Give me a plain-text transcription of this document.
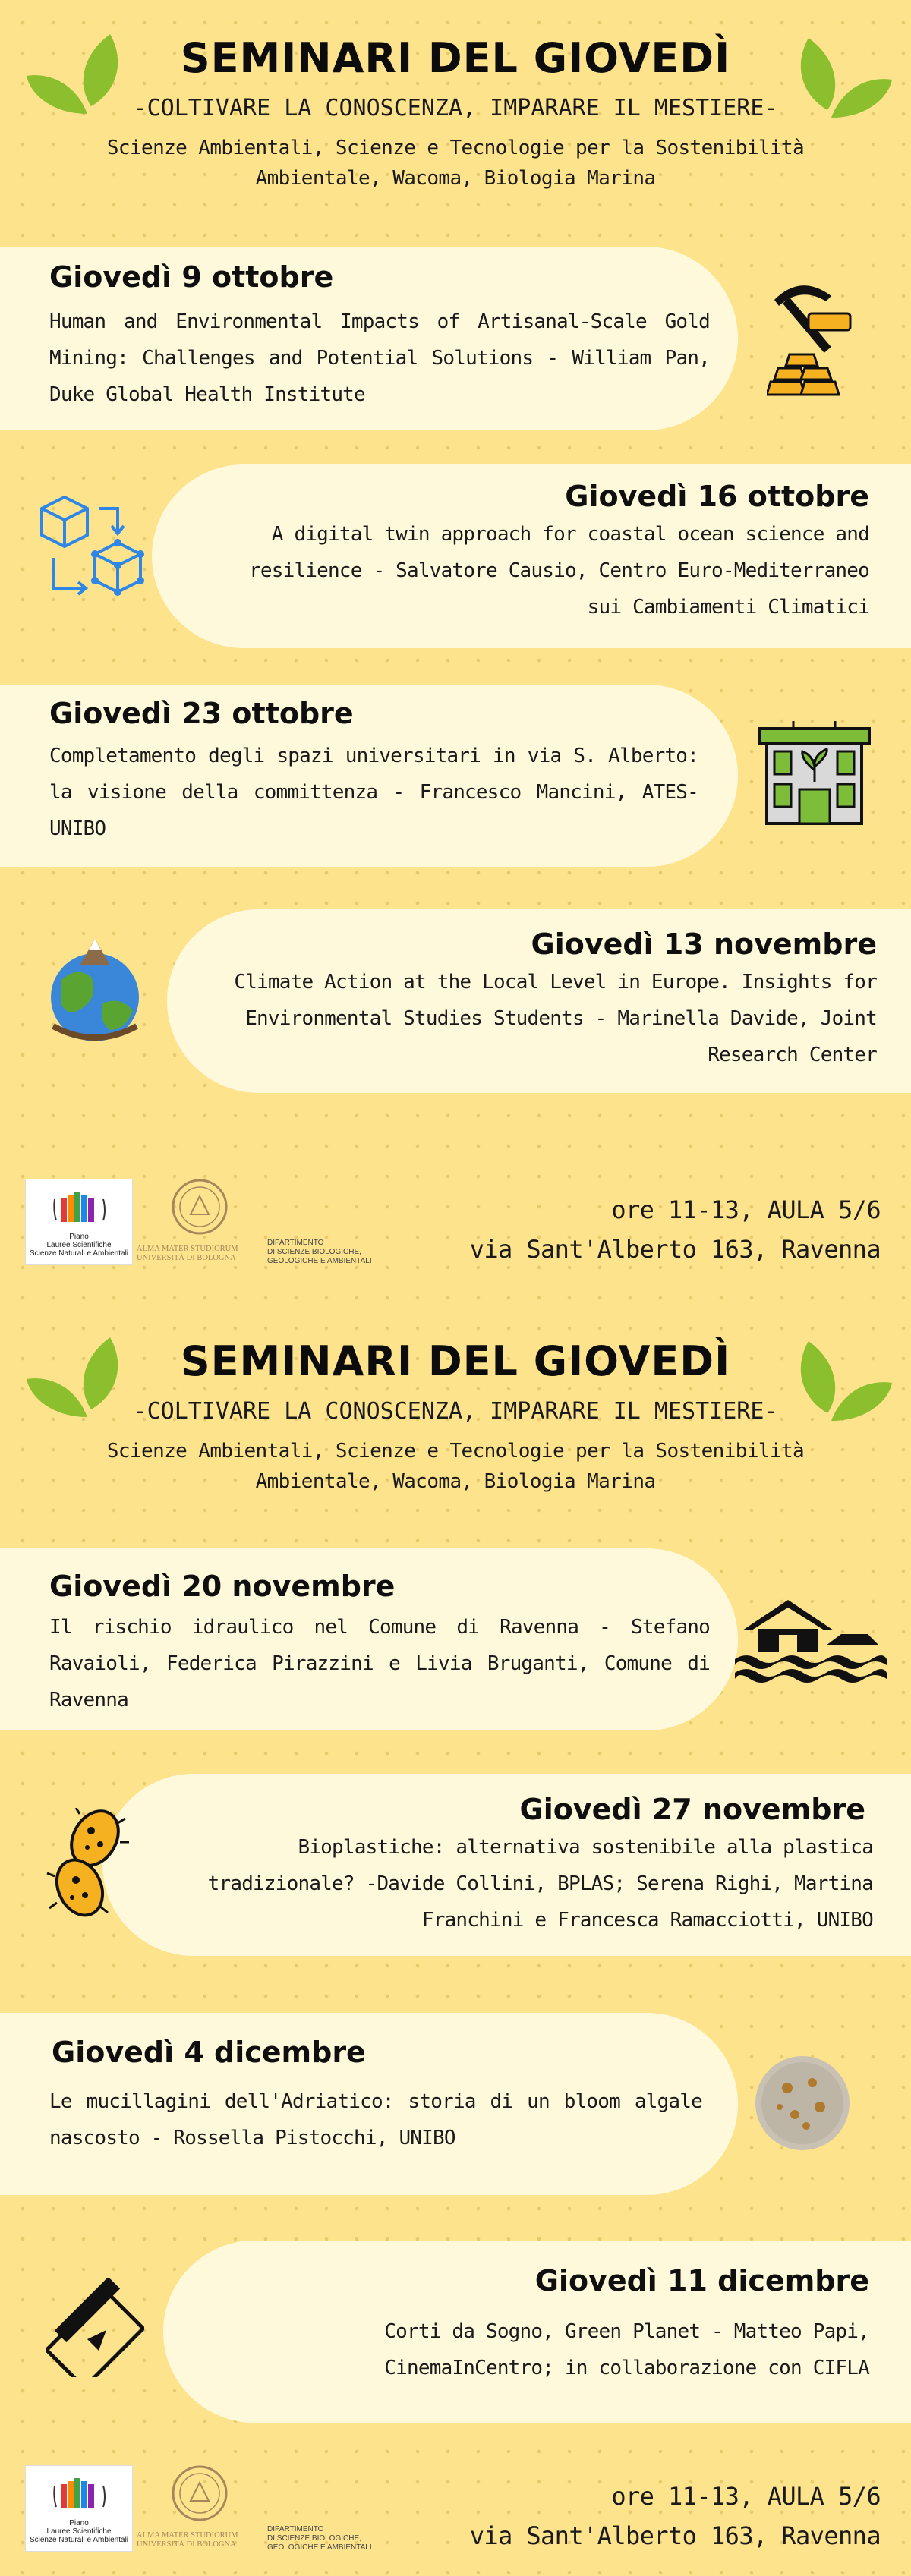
SEMINARI DEL GIOVEDÌ
-COLTIVARE LA CONOSCENZA, IMPARARE IL MESTIERE-
Scienze Ambientali, Scienze e Tecnologie per la Sostenibilità
Ambientale, Wacoma, Biologia Marina
Giovedì 9 ottobre
Human and Environmental Impacts of Artisanal-Scale Gold Mining: Challenges and Potential Solutions - William Pan, Duke Global Health Institute
Giovedì 16 ottobre
A digital twin approach for coastal ocean science and resilience - Salvatore Causio, Centro Euro-Mediterraneo sui Cambiamenti Climatici
Giovedì 23 ottobre
Completamento degli spazi universitari in via S. Alberto: la visione della committenza - Francesco Mancini, ATES-UNIBO
Giovedì 13 novembre
Climate Action at the Local Level in Europe. Insights for Environmental Studies Students - Marinella Davide, Joint Research Center
Piano
Lauree Scientifiche
Scienze Naturali e Ambientali
ALMA MATER STUDIORUM
UNIVERSITÀ DI BOLOGNA
DIPARTIMENTO
DI SCIENZE BIOLOGICHE,
GEOLOGICHE E AMBIENTALI
ore 11-13, AULA 5/6
via Sant'Alberto 163, Ravenna
SEMINARI DEL GIOVEDÌ
-COLTIVARE LA CONOSCENZA, IMPARARE IL MESTIERE-
Scienze Ambientali, Scienze e Tecnologie per la Sostenibilità
Ambientale, Wacoma, Biologia Marina
Giovedì 20 novembre
Il rischio idraulico nel Comune di Ravenna - Stefano Ravaioli, Federica Pirazzini e Livia Bruganti, Comune di Ravenna
Giovedì 27 novembre
Bioplastiche: alternativa sostenibile alla plastica tradizionale? -Davide Collini, BPLAS; Serena Righi, Martina Franchini e Francesca Ramacciotti, UNIBO
Giovedì 4 dicembre
Le mucillagini dell'Adriatico: storia di un bloom algale nascosto - Rossella Pistocchi, UNIBO
Giovedì 11 dicembre
Corti da Sogno, Green Planet - Matteo Papi, CinemaInCentro; in collaborazione con CIFLA
Piano
Lauree Scientifiche
Scienze Naturali e Ambientali
ALMA MATER STUDIORUM
UNIVERSITÀ DI BOLOGNA
DIPARTIMENTO
DI SCIENZE BIOLOGICHE,
GEOLOGICHE E AMBIENTALI
ore 11-13, AULA 5/6
via Sant'Alberto 163, Ravenna
